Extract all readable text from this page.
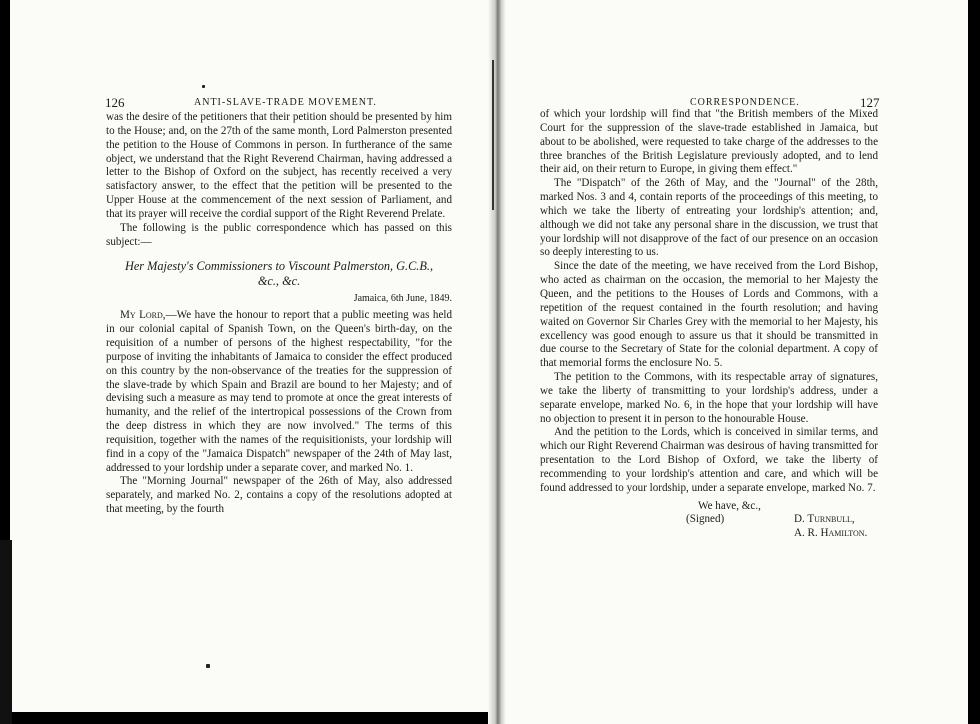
126	ANTI-SLAVE-TRADE MOVEMENT.

was the desire of the petitioners that their petition should be presented by him to the House; and, on the 27th of the same month, Lord Palmerston presented the petition to the House of Commons in person. In furtherance of the same object, we understand that the Right Reverend Chairman, having addressed a letter to the Bishop of Oxford on the subject, has recently received a very satisfactory answer, to the effect that the petition will be presented to the Upper House at the commencement of the next session of Parliament, and that its prayer will receive the cordial support of the Right Reverend Prelate.

The following is the public correspondence which has passed on this subject:—

Her Majesty's Commissioners to Viscount Palmerston, G.C.B.,
&c., &c.

Jamaica, 6th June, 1849.

My Lord,—We have the honour to report that a public meeting was held in our colonial capital of Spanish Town, on the Queen's birth-day, on the requisition of a number of persons of the highest respectability, "for the purpose of inviting the inhabitants of Jamaica to consider the effect produced on this country by the non-observance of the treaties for the suppression of the slave-trade by which Spain and Brazil are bound to her Majesty; and of devising such a measure as may tend to promote at once the great interests of humanity, and the relief of the intertropical possessions of the Crown from the deep distress in which they are now involved." The terms of this requisition, together with the names of the requisitionists, your lordship will find in a copy of the "Jamaica Dispatch" newspaper of the 24th of May last, addressed to your lordship under a separate cover, and marked No. 1.

The "Morning Journal" newspaper of the 26th of May, also addressed separately, and marked No. 2, contains a copy of the resolutions adopted at that meeting, by the fourth

CORRESPONDENCE.	127

of which your lordship will find that "the British members of the Mixed Court for the suppression of the slave-trade established in Jamaica, but about to be abolished, were requested to take charge of the addresses to the three branches of the British Legislature previously adopted, and to lend their aid, on their return to Europe, in giving them effect."

The "Dispatch" of the 26th of May, and the "Journal" of the 28th, marked Nos. 3 and 4, contain reports of the proceedings of this meeting, to which we take the liberty of entreating your lordship's attention; and, although we did not take any personal share in the discussion, we trust that your lordship will not disapprove of the fact of our presence on an occasion so deeply interesting to us.

Since the date of the meeting, we have received from the Lord Bishop, who acted as chairman on the occasion, the memorial to her Majesty the Queen, and the petitions to the Houses of Lords and Commons, with a repetition of the request contained in the fourth resolution; and having waited on Governor Sir Charles Grey with the memorial to her Majesty, his excellency was good enough to assure us that it should be transmitted in due course to the Secretary of State for the colonial department. A copy of that memorial forms the enclosure No. 5.

The petition to the Commons, with its respectable array of signatures, we take the liberty of transmitting to your lordship's address, under a separate envelope, marked No. 6, in the hope that your lordship will have no objection to present it in person to the honourable House.

And the petition to the Lords, which is conceived in similar terms, and which our Right Reverend Chairman was desirous of having transmitted for presentation to the Lord Bishop of Oxford, we take the liberty of recommending to your lordship's attention and care, and which will be found addressed to your lordship, under a separate envelope, marked No. 7.

We have, &c.,

(Signed)	D. Turnbull,

A. R. Hamilton.
